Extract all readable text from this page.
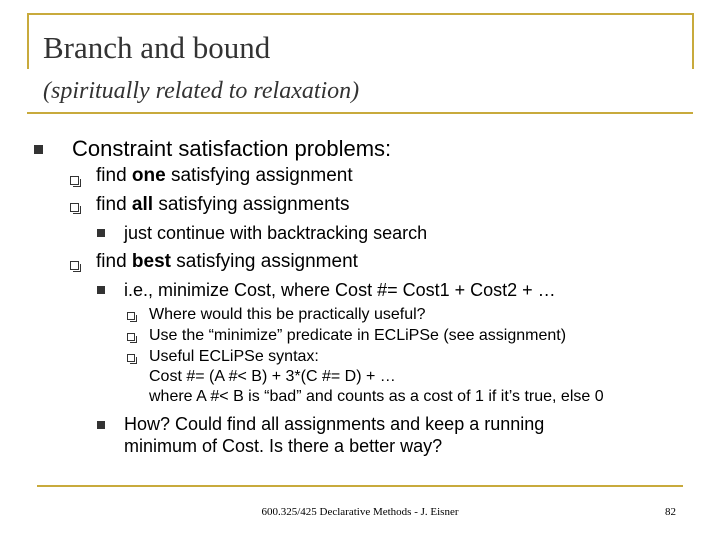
Branch and bound

(spiritually related to relaxation)

Constraint satisfaction problems:
find one satisfying assignment
find all satisfying assignments
just continue with backtracking search
find best satisfying assignment
i.e., minimize Cost, where Cost #= Cost1 + Cost2 + …
Where would this be practically useful?
Use the “minimize” predicate in ECLiPSe (see assignment)
Useful ECLiPSe syntax:
Cost #= (A #< B) + 3*(C #= D) + …
where A #< B is “bad” and counts as a cost of 1 if it’s true, else 0
How? Could find all assignments and keep a running
minimum of Cost. Is there a better way?
600.325/425 Declarative Methods - J. Eisner	82
